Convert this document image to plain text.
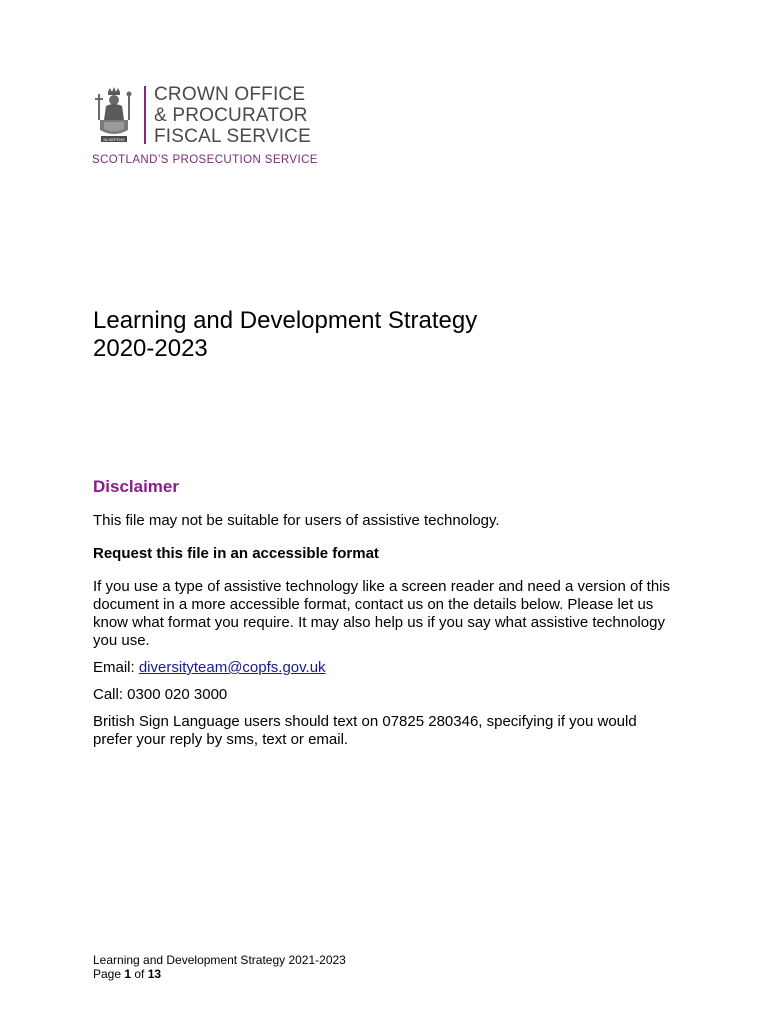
IN DEFENS
CROWN OFFICE
& PROCURATOR
FISCAL SERVICE
SCOTLAND’S PROSECUTION SERVICE
Learning and Development Strategy
2020-2023
Disclaimer

This file may not be suitable for users of assistive technology.

Request this file in an accessible format

If you use a type of assistive technology like a screen reader and need a version of this document in a more accessible format, contact us on the details below. Please let us know what format you require. It may also help us if you say what assistive technology you use.

Email: diversityteam@copfs.gov.uk

Call: 0300 020 3000

British Sign Language users should text on 07825 280346, specifying if you would prefer your reply by sms, text or email.

Learning and Development Strategy 2021-2023
Page 1 of 13
